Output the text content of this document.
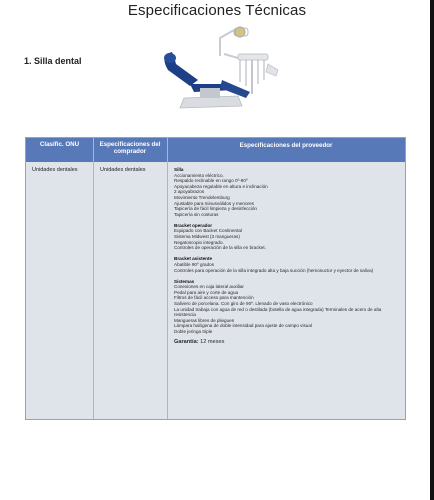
Especificaciones Técnicas
1. Silla dental
Clasific. ONU	Especificaciones del comprador
Especificaciones del proveedor
Unidades dentales	Unidades dentales	Silla
Accionamiento eléctrico.
Respaldo reclinable en rango 0º-90º
Apoyacabeza regulable en altura e inclinación
2 apoyabrazos
Movimiento Trendelemburg
Ajustable para minusválidos y menores
Tapicería de fácil limpieza y desinfección
Tapicería sin costuras
Bracket operador
Equipado con Backet Continental
Sistema Midwest (3 mangueras)
Negatoscopio integrado.
Controles de operación de la silla en bracket.
Bracket asistente
Abatible 90º grados
Controles para operación de la silla integrado alta y baja succión (hemosuctor y eyector de saliva)
Sistemas
Conexiones en caja lateral auxiliar
Pedal para aire y corte de agua
Filtros de fácil acceso para mantención
Salivero de porcelana. Con giro de 90º. Llenado de vaso electrónico
La unidad trabaja con agua de red o destilada (botella de agua integrada) Terminales de acero de alta resistencia
Mangueras libres de pliegues
Lámpara halógena de doble intensidad para ajuste de campo visual
Doble jeringa triple
Garantía: 12 meses
